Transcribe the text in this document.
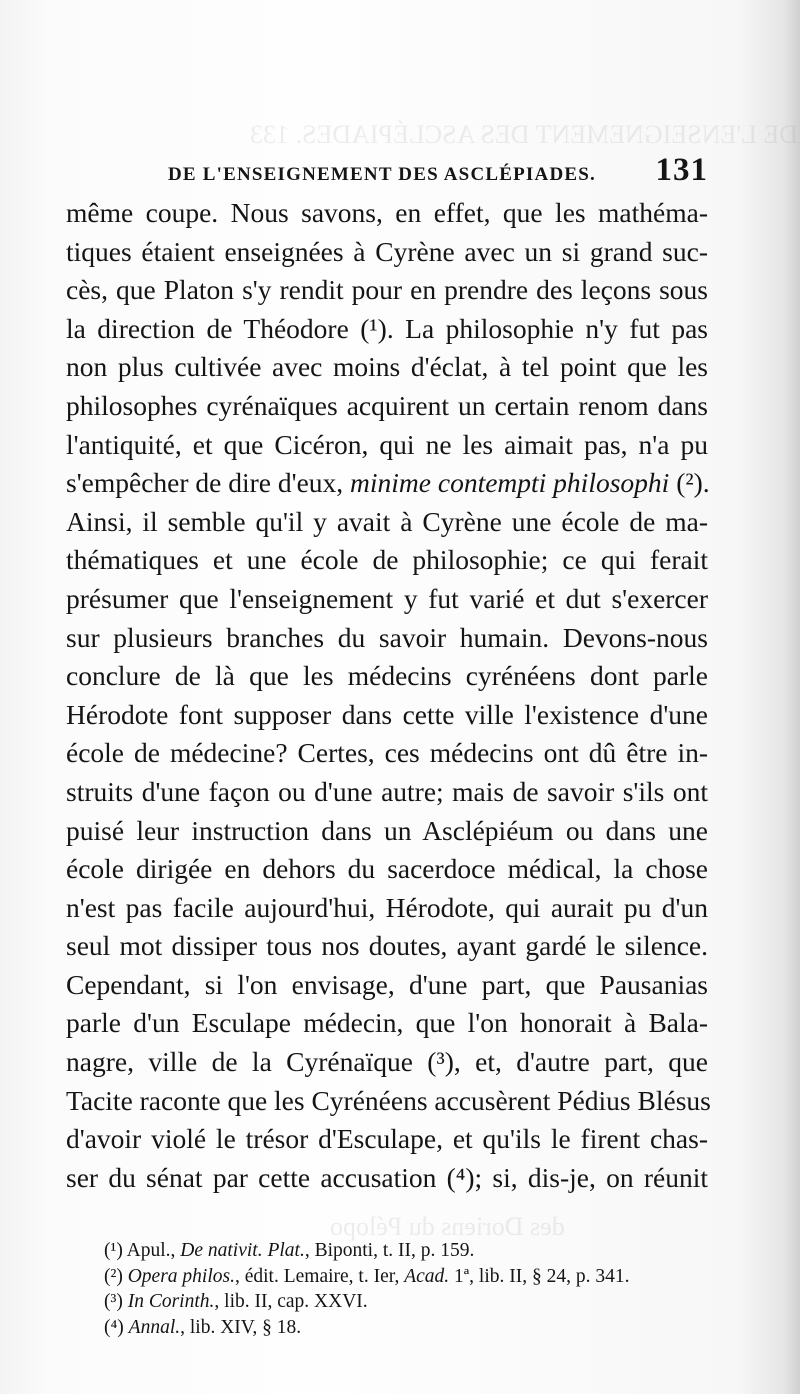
DE L'ENSEIGNEMENT DES ASCLÉPIADES. 133
des Doriens du Pélopo
DE L'ENSEIGNEMENT DES ASCLÉPIADES. 131
même coupe. Nous savons, en effet, que les mathéma-
tiques étaient enseignées à Cyrène avec un si grand suc-
cès, que Platon s'y rendit pour en prendre des leçons sous
la direction de Théodore (¹). La philosophie n'y fut pas
non plus cultivée avec moins d'éclat, à tel point que les
philosophes cyrénaïques acquirent un certain renom dans
l'antiquité, et que Cicéron, qui ne les aimait pas, n'a pu
s'empêcher de dire d'eux, minime contempti philosophi (²).
Ainsi, il semble qu'il y avait à Cyrène une école de ma-
thématiques et une école de philosophie; ce qui ferait
présumer que l'enseignement y fut varié et dut s'exercer
sur plusieurs branches du savoir humain. Devons-nous
conclure de là que les médecins cyrénéens dont parle
Hérodote font supposer dans cette ville l'existence d'une
école de médecine? Certes, ces médecins ont dû être in-
struits d'une façon ou d'une autre; mais de savoir s'ils ont
puisé leur instruction dans un Asclépiéum ou dans une
école dirigée en dehors du sacerdoce médical, la chose
n'est pas facile aujourd'hui, Hérodote, qui aurait pu d'un
seul mot dissiper tous nos doutes, ayant gardé le silence.
Cependant, si l'on envisage, d'une part, que Pausanias
parle d'un Esculape médecin, que l'on honorait à Bala-
nagre, ville de la Cyrénaïque (³), et, d'autre part, que
Tacite raconte que les Cyrénéens accusèrent Pédius Blésus
d'avoir violé le trésor d'Esculape, et qu'ils le firent chas-
ser du sénat par cette accusation (⁴); si, dis-je, on réunit
(¹) Apul., De nativit. Plat., Biponti, t. II, p. 159.
(²) Opera philos., édit. Lemaire, t. Ier, Acad. 1ª, lib. II, § 24, p. 341.
(³) In Corinth., lib. II, cap. XXVI.
(⁴) Annal., lib. XIV, § 18.
